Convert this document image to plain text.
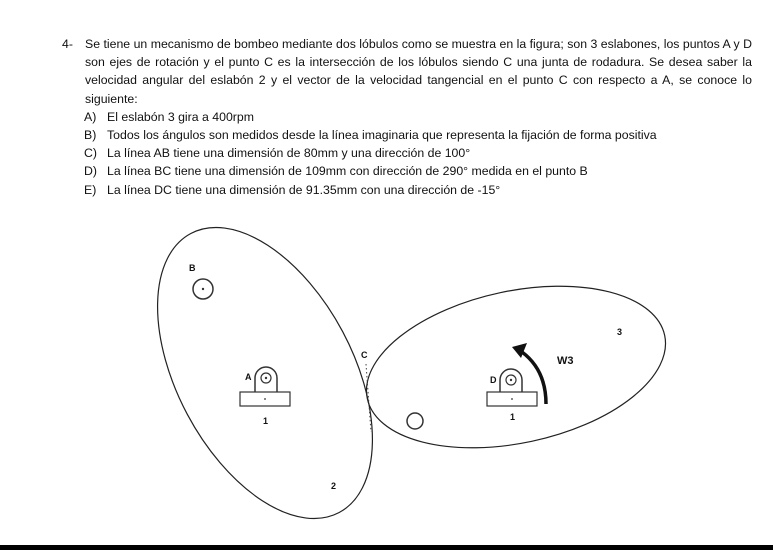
4- Se tiene un mecanismo de bombeo mediante dos lóbulos como se muestra en la figura; son 3 eslabones, los puntos A y D son ejes de rotación y el punto C es la intersección de los lóbulos siendo C una junta de rodadura. Se desea saber la velocidad angular del eslabón 2 y el vector de la velocidad tangencial en el punto C con respecto a A, se conoce lo siguiente:
A) El eslabón 3 gira a 400rpm
B) Todos los ángulos son medidos desde la línea imaginaria que representa la fijación de forma positiva
C) La línea AB tiene una dimensión de 80mm y una dirección de 100°
D) La línea BC tiene una dimensión de 109mm con dirección de 290° medida en el punto B
E) La línea DC tiene una dimensión de 91.35mm con una dirección de -15°
B
A
1
D
1
C	W3
3
2
